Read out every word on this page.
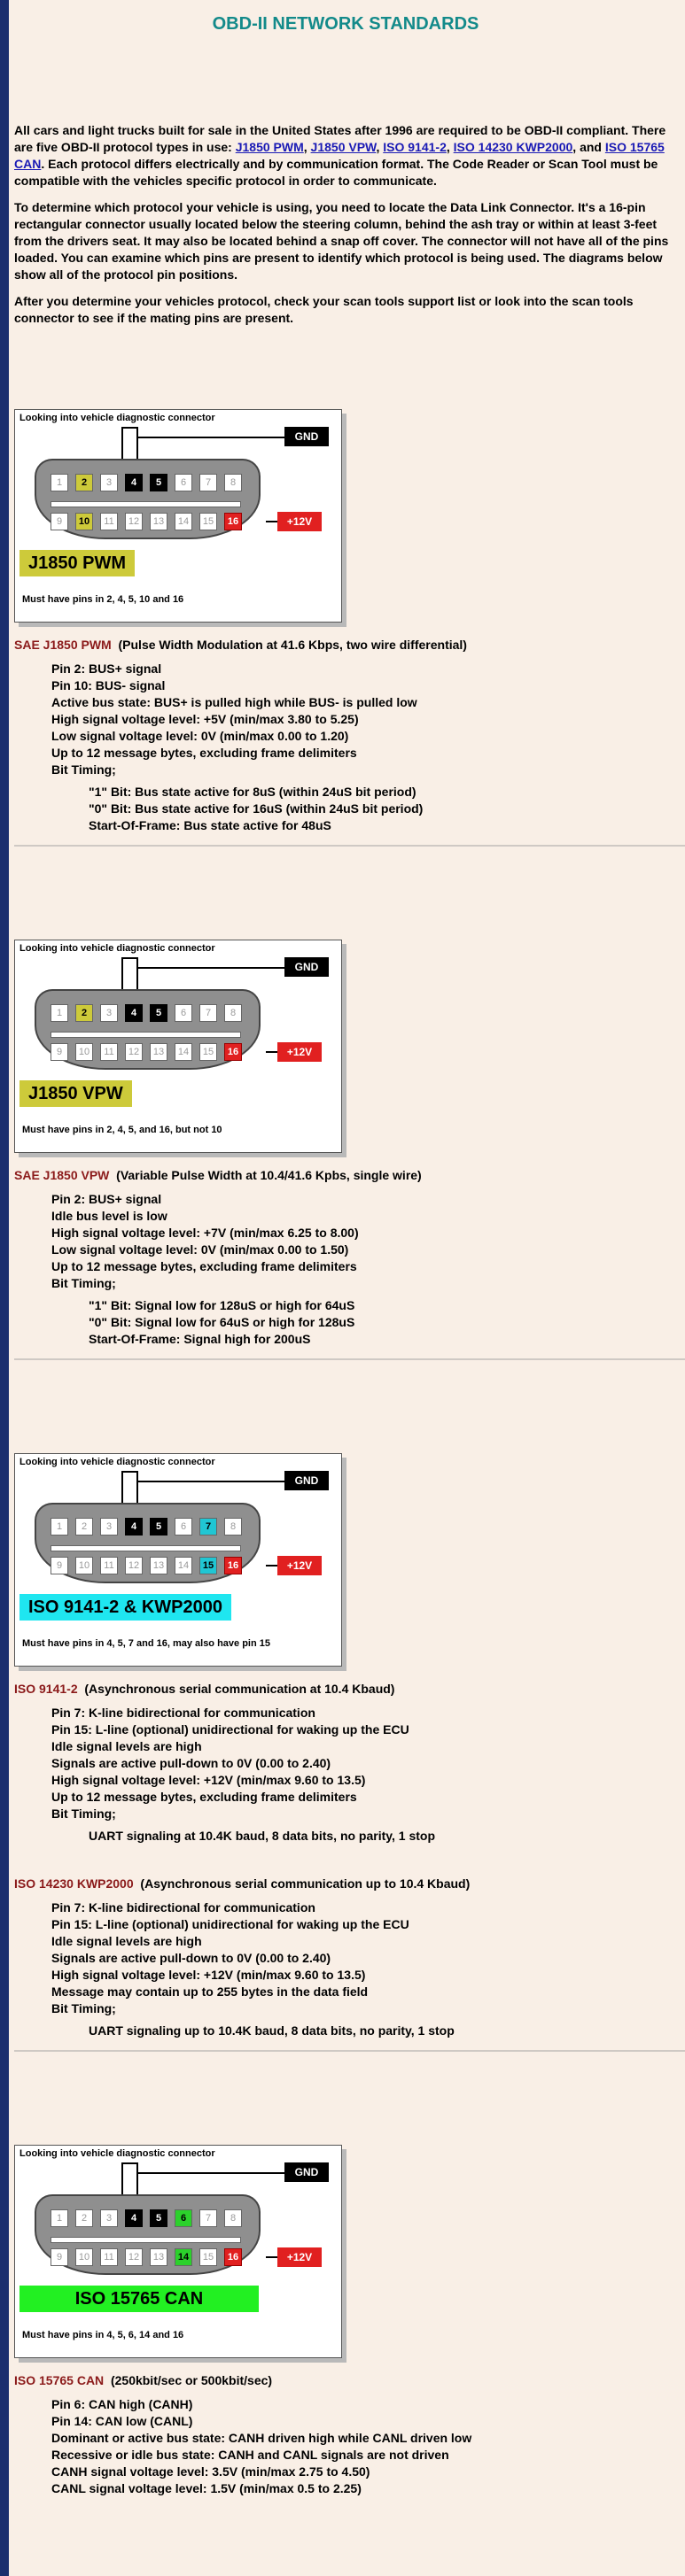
OBD-II NETWORK STANDARDS

All cars and light trucks built for sale in the United States after 1996 are required to be OBD-II compliant. There are five OBD-II protocol types in use: J1850 PWM, J1850 VPW, ISO 9141-2, ISO 14230 KWP2000, and ISO 15765 CAN. Each protocol differs electrically and by communication format. The Code Reader or Scan Tool must be compatible with the vehicles specific protocol in order to communicate.

To determine which protocol your vehicle is using, you need to locate the Data Link Connector. It's a 16-pin rectangular connector usually located below the steering column, behind the ash tray or within at least 3-feet from the drivers seat. It may also be located behind a snap off cover. The connector will not have all of the pins loaded. You can examine which pins are present to identify which protocol is being used. The diagrams below show all of the protocol pin positions.

After you determine your vehicles protocol, check your scan tools support list or look into the scan tools connector to see if the mating pins are present.

Looking into vehicle diagnostic connector
GND
1	2	3	4	5	6	7	8
9	10	11	12	13	14	15	16	+12V
J1850 PWM
Must have pins in 2, 4, 5, 10 and 16

SAE J1850 PWM (Pulse Width Modulation at 41.6 Kbps, two wire differential)

Pin 2: BUS+ signal
Pin 10: BUS- signal
Active bus state: BUS+ is pulled high while BUS- is pulled low
High signal voltage level: +5V (min/max 3.80 to 5.25)
Low signal voltage level: 0V (min/max 0.00 to 1.20)
Up to 12 message bytes, excluding frame delimiters
Bit Timing;
"1" Bit: Bus state active for 8uS (within 24uS bit period)
"0" Bit: Bus state active for 16uS (within 24uS bit period)
Start-Of-Frame: Bus state active for 48uS
Looking into vehicle diagnostic connector
GND
1	2	3	4	5	6	7	8
9	10	11	12	13	14	15	16	+12V
J1850 VPW
Must have pins in 2, 4, 5, and 16, but not 10

SAE J1850 VPW (Variable Pulse Width at 10.4/41.6 Kpbs, single wire)

Pin 2: BUS+ signal
Idle bus level is low
High signal voltage level: +7V (min/max 6.25 to 8.00)
Low signal voltage level: 0V (min/max 0.00 to 1.50)
Up to 12 message bytes, excluding frame delimiters
Bit Timing;
"1" Bit: Signal low for 128uS or high for 64uS
"0" Bit: Signal low for 64uS or high for 128uS
Start-Of-Frame: Signal high for 200uS
Looking into vehicle diagnostic connector
GND
1	2	3	4	5	6	7	8
9	10	11	12	13	14	15	16	+12V
ISO 9141-2 & KWP2000
Must have pins in 4, 5, 7 and 16, may also have pin 15

ISO 9141-2 (Asynchronous serial communication at 10.4 Kbaud)

Pin 7: K-line bidirectional for communication
Pin 15: L-line (optional) unidirectional for waking up the ECU
Idle signal levels are high
Signals are active pull-down to 0V (0.00 to 2.40)
High signal voltage level: +12V (min/max 9.60 to 13.5)
Up to 12 message bytes, excluding frame delimiters
Bit Timing;
UART signaling at 10.4K baud, 8 data bits, no parity, 1 stop

ISO 14230 KWP2000 (Asynchronous serial communication up to 10.4 Kbaud)

Pin 7: K-line bidirectional for communication
Pin 15: L-line (optional) unidirectional for waking up the ECU
Idle signal levels are high
Signals are active pull-down to 0V (0.00 to 2.40)
High signal voltage level: +12V (min/max 9.60 to 13.5)
Message may contain up to 255 bytes in the data field
Bit Timing;
UART signaling up to 10.4K baud, 8 data bits, no parity, 1 stop
Looking into vehicle diagnostic connector
GND
1	2	3	4	5	6	7	8
9	10	11	12	13	14	15	16	+12V
ISO 15765 CAN
Must have pins in 4, 5, 6, 14 and 16

ISO 15765 CAN (250kbit/sec or 500kbit/sec)

Pin 6: CAN high (CANH)
Pin 14: CAN low (CANL)
Dominant or active bus state: CANH driven high while CANL driven low
Recessive or idle bus state: CANH and CANL signals are not driven
CANH signal voltage level: 3.5V (min/max 2.75 to 4.50)
CANL signal voltage level: 1.5V (min/max 0.5 to 2.25)
